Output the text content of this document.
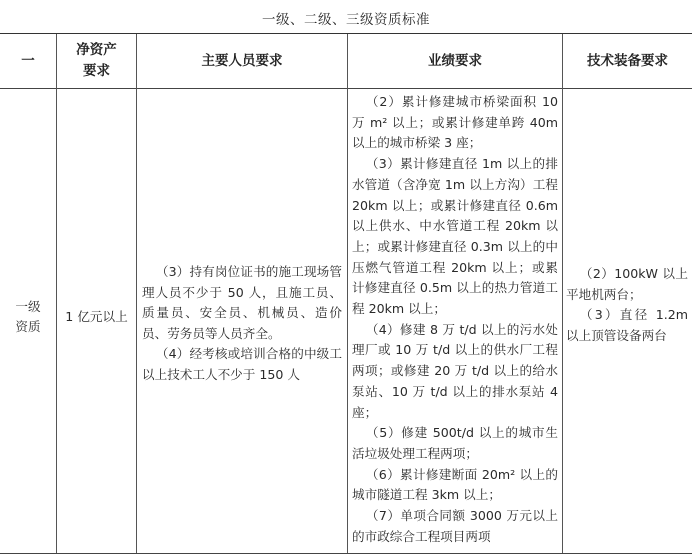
一级、二级、三级资质标准
一
净资产
要求
主要人员要求	业绩要求	技术装备要求
一级
资质
1 亿元以上

（3）持有岗位证书的施工现场管理人员不少于 50 人，且施工员、质量员、安全员、机械员、造价员、劳务员等人员齐全。

（4）经考核或培训合格的中级工以上技术工人不少于 150 人

（2）累计修建城市桥梁面积 10 万 m² 以上；或累计修建单跨 40m 以上的城市桥梁 3 座；

（3）累计修建直径 1m 以上的排水管道（含净宽 1m 以上方沟）工程 20km 以上；或累计修建直径 0.6m 以上供水、中水管道工程 20km 以上；或累计修建直径 0.3m 以上的中压燃气管道工程 20km 以上；或累计修建直径 0.5m 以上的热力管道工程 20km 以上；

（4）修建 8 万 t/d 以上的污水处理厂或 10 万 t/d 以上的供水厂工程两项；或修建 20 万 t/d 以上的给水泵站、10 万 t/d 以上的排水泵站 4 座；

（5）修建 500t/d 以上的城市生活垃圾处理工程两项；

（6）累计修建断面 20m² 以上的城市隧道工程 3km 以上；

（7）单项合同额 3000 万元以上的市政综合工程项目两项

（2）100kW 以上平地机两台；

（3）直径 1.2m 以上顶管设备两台
